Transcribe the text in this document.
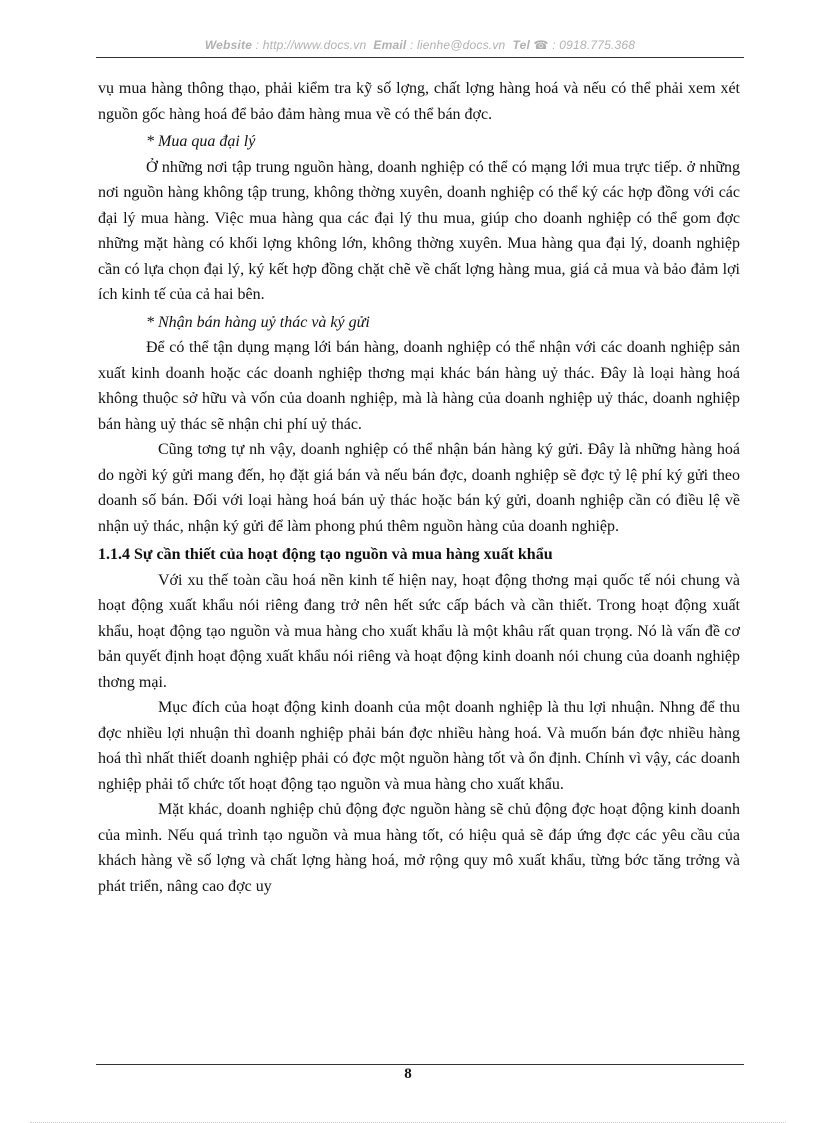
Website : http://www.docs.vn Email : lienhe@docs.vn Tel ☎ : 0918.775.368

vụ mua hàng thông thạo, phải kiểm tra kỹ số lợng, chất lợng hàng hoá và nếu có thể phải xem xét nguồn gốc hàng hoá để bảo đảm hàng mua về có thể bán đợc.

* Mua qua đại lý

Ở những nơi tập trung nguồn hàng, doanh nghiệp có thể có mạng lới mua trực tiếp. ở những nơi nguồn hàng không tập trung, không thờng xuyên, doanh nghiệp có thể ký các hợp đồng với các đại lý mua hàng. Việc mua hàng qua các đại lý thu mua, giúp cho doanh nghiệp có thể gom đợc những mặt hàng có khối lợng không lớn, không thờng xuyên. Mua hàng qua đại lý, doanh nghiệp cần có lựa chọn đại lý, ký kết hợp đồng chặt chẽ về chất lợng hàng mua, giá cả mua và bảo đảm lợi ích kinh tế của cả hai bên.

* Nhận bán hàng uỷ thác và ký gửi

Để có thể tận dụng mạng lới bán hàng, doanh nghiệp có thể nhận với các doanh nghiệp sản xuất kinh doanh hoặc các doanh nghiệp thơng mại khác bán hàng uỷ thác. Đây là loại hàng hoá không thuộc sở hữu và vốn của doanh nghiệp, mà là hàng của doanh nghiệp uỷ thác, doanh nghiệp bán hàng uỷ thác sẽ nhận chi phí uỷ thác.

Cũng tơng tự nh vậy, doanh nghiệp có thể nhận bán hàng ký gửi. Đây là những hàng hoá do ngời ký gửi mang đến, họ đặt giá bán và nếu bán đợc, doanh nghiệp sẽ đợc tỷ lệ phí ký gửi theo doanh số bán. Đối với loại hàng hoá bán uỷ thác hoặc bán ký gửi, doanh nghiệp cần có điều lệ về nhận uỷ thác, nhận ký gửi để làm phong phú thêm nguồn hàng của doanh nghiệp.

1.1.4 Sự cần thiết của hoạt động tạo nguồn và mua hàng xuất khẩu

Với xu thế toàn cầu hoá nền kinh tế hiện nay, hoạt động thơng mại quốc tế nói chung và hoạt động xuất khẩu nói riêng đang trở nên hết sức cấp bách và cần thiết. Trong hoạt động xuất khẩu, hoạt động tạo nguồn và mua hàng cho xuất khẩu là một khâu rất quan trọng. Nó là vấn đề cơ bản quyết định hoạt động xuất khẩu nói riêng và hoạt động kinh doanh nói chung của doanh nghiệp thơng mại.

Mục đích của hoạt động kinh doanh của một doanh nghiệp là thu lợi nhuận. Nhng để thu đợc nhiều lợi nhuận thì doanh nghiệp phải bán đợc nhiều hàng hoá. Và muốn bán đợc nhiều hàng hoá thì nhất thiết doanh nghiệp phải có đợc một nguồn hàng tốt và ổn định. Chính vì vậy, các doanh nghiệp phải tổ chức tốt hoạt động tạo nguồn và mua hàng cho xuất khẩu.

Mặt khác, doanh nghiệp chủ động đợc nguồn hàng sẽ chủ động đợc hoạt động kinh doanh của mình. Nếu quá trình tạo nguồn và mua hàng tốt, có hiệu quả sẽ đáp ứng đợc các yêu cầu của khách hàng về số lợng và chất lợng hàng hoá, mở rộng quy mô xuất khẩu, từng bớc tăng trởng và phát triển, nâng cao đợc uy

8
